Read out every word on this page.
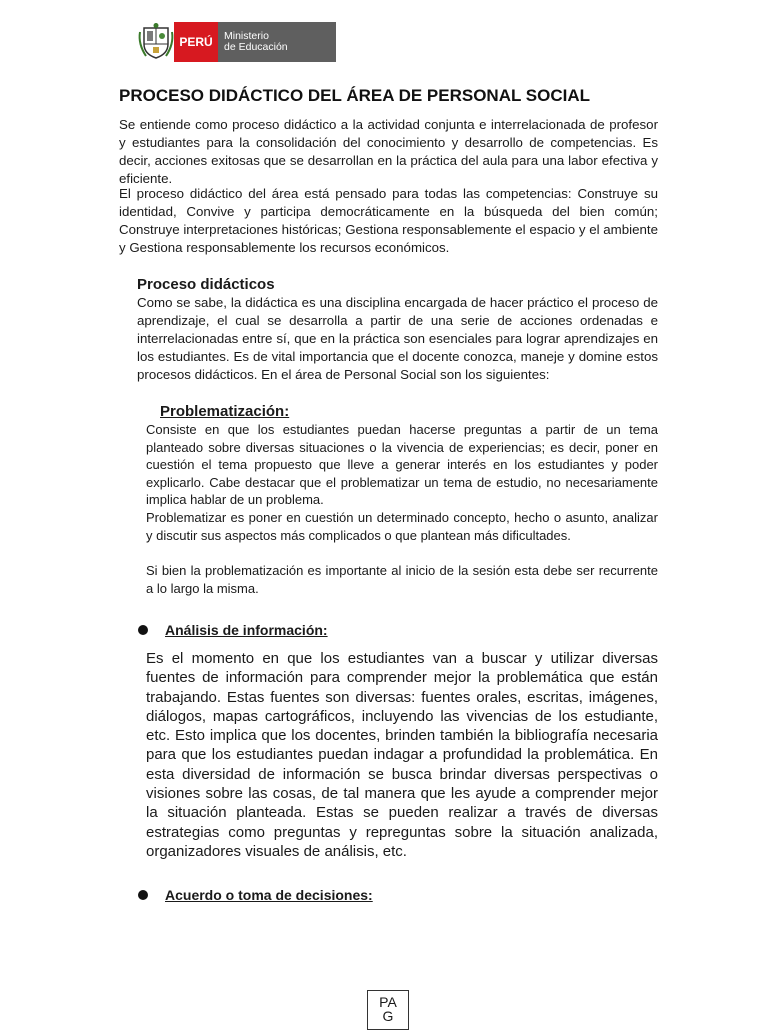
PERÚ	Ministerio
de Educación
PROCESO DIDÁCTICO DEL ÁREA DE PERSONAL SOCIAL

Se entiende como proceso didáctico a la actividad conjunta e interrelacionada de profesor y estudiantes para la consolidación del conocimiento y desarrollo de competencias. Es decir, acciones exitosas que se desarrollan en la práctica del aula para una labor efectiva y eficiente.

El proceso didáctico del área está pensado para todas las competencias: Construye su identidad, Convive y participa democráticamente en la búsqueda del bien común; Construye interpretaciones históricas; Gestiona responsablemente el espacio y el ambiente y Gestiona responsablemente los recursos económicos.

Proceso didácticos

Como se sabe, la didáctica es una disciplina encargada de hacer práctico el proceso de aprendizaje, el cual se desarrolla a partir de una serie de acciones ordenadas e interrelacionadas entre sí, que en la práctica son esenciales para lograr aprendizajes en los estudiantes. Es de vital importancia que el docente conozca, maneje y domine estos procesos didácticos. En el área de Personal Social son los siguientes:

Problematización:

Consiste en que los estudiantes puedan hacerse preguntas a partir de un tema planteado sobre diversas situaciones o la vivencia de experiencias; es decir, poner en cuestión el tema propuesto que lleve a generar interés en los estudiantes y poder explicarlo. Cabe destacar que el problematizar un tema de estudio, no necesariamente implica hablar de un problema.

Problematizar es poner en cuestión un determinado concepto, hecho o asunto, analizar y discutir sus aspectos más complicados o que plantean más dificultades.

Si bien la problematización es importante al inicio de la sesión esta debe ser recurrente a lo largo la misma.

Análisis de información:

Es el momento en que los estudiantes van a buscar y utilizar diversas fuentes de información para comprender mejor la problemática que están trabajando. Estas fuentes son diversas: fuentes orales, escritas, imágenes, diálogos, mapas cartográficos, incluyendo las vivencias de los estudiante, etc. Esto implica que los docentes, brinden también la bibliografía necesaria para que los estudiantes puedan indagar a profundidad la problemática. En esta diversidad de información se busca brindar diversas perspectivas o visiones sobre las cosas, de tal manera que les ayude a comprender mejor la situación planteada. Estas se pueden realizar a través de diversas estrategias como preguntas y repreguntas sobre la situación analizada, organizadores visuales de análisis, etc.

Acuerdo o toma de decisiones:
PA
G
